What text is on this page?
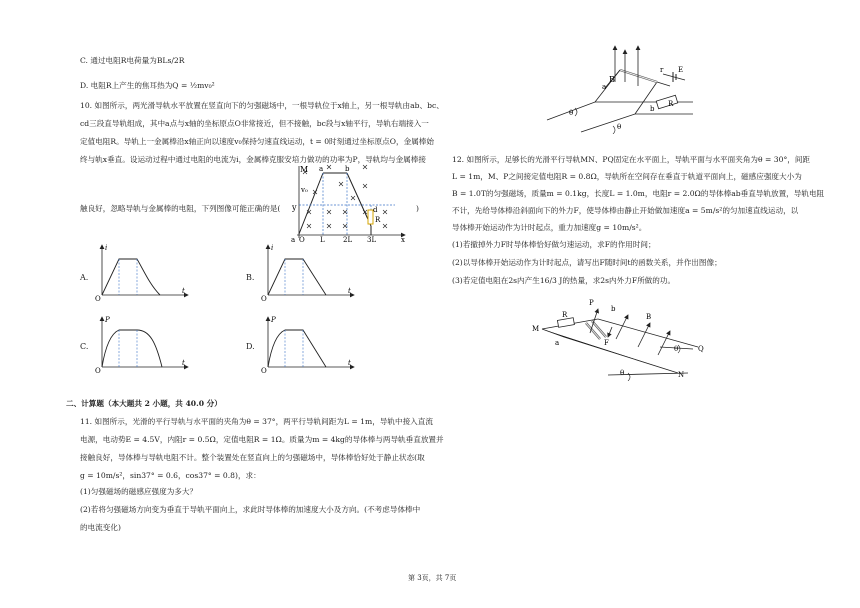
C. 通过电阻R电荷量为BLs/2R
D. 电阻R上产生的焦耳热为Q = ½mv₀²
10. 如图所示，两光滑导轨水平放置在竖直向下的匀强磁场中，一根导轨位于x轴上，另一根导轨由ab、bc、
cd三段直导轨组成，其中a点与x轴的坐标原点O非常接近，但不接触，bc段与x轴平行，导轨右端接入一
定值电阻R。导轨上一金属棒沿x轴正向以速度v₀保持匀速直线运动，t = 0时刻通过坐标原点O，金属棒始
终与轨x垂直。设运动过程中通过电阻的电流为i，金属棒克服安培力做功的功率为P，导轨均与金属棒接
触良好，忽略导轨与金属棒的电阻，下列图像可能正确的是(	)
M a	b
v₀
y	d
R
a O L	2L 3L	x
i
O
t
A.
i
O
t
B.
P
O
t
C.
P
O
t
D.
二、计算题（本大题共 2 小题，共 40.0 分）
11. 如图所示，光滑的平行导轨与水平面的夹角为θ = 37°，两平行导轨间距为L = 1m，导轨中接入直流
电源，电动势E = 4.5V，内阻r = 0.5Ω，定值电阻R = 1Ω。质量为m = 4kg的导体棒与两导轨垂直放置并
接触良好，导体棒与导轨电阻不计。整个装置处在竖直向上的匀强磁场中，导体棒恰好处于静止状态(取
g = 10m/s²，sin37° = 0.6，cos37° = 0.8)，求：
(1)匀强磁场的磁感应强度为多大？
(2)若将匀强磁场方向变为垂直于导轨平面向上，求此时导体棒的加速度大小及方向。(不考虑导体棒中
的电流变化)
B
a
b
r E
R
θ
θ
12. 如图所示，足够长的光滑平行导轨MN、PQ固定在水平面上，导轨平面与水平面夹角为θ = 30°，间距
L = 1m，M、P之间接定值电阻R = 0.8Ω，导轨所在空间存在垂直于轨道平面向上，磁感应强度大小为
B = 1.0T的匀强磁场，质量m = 0.1kg，长度L = 1.0m，电阻r = 2.0Ω的导体棒ab垂直导轨放置，导轨电阻
不计，先给导体棒沿斜面向下的外力F，使导体棒由静止开始做加速度a = 5m/s²的匀加速直线运动，以
导体棒开始运动作为计时起点，重力加速度g = 10m/s²。
(1)若撤掉外力F时导体棒恰好做匀速运动，求F的作用时间；
(2)以导体棒开始运动作为计时起点，请写出F随时间t的函数关系，并作出图像；
(3)若定值电阻在2s内产生16/3 J的热量，求2s内外力F所做的功。
P
R
b
B
M
a	F
Q
θ
θ	N
第 3页，共 7页
